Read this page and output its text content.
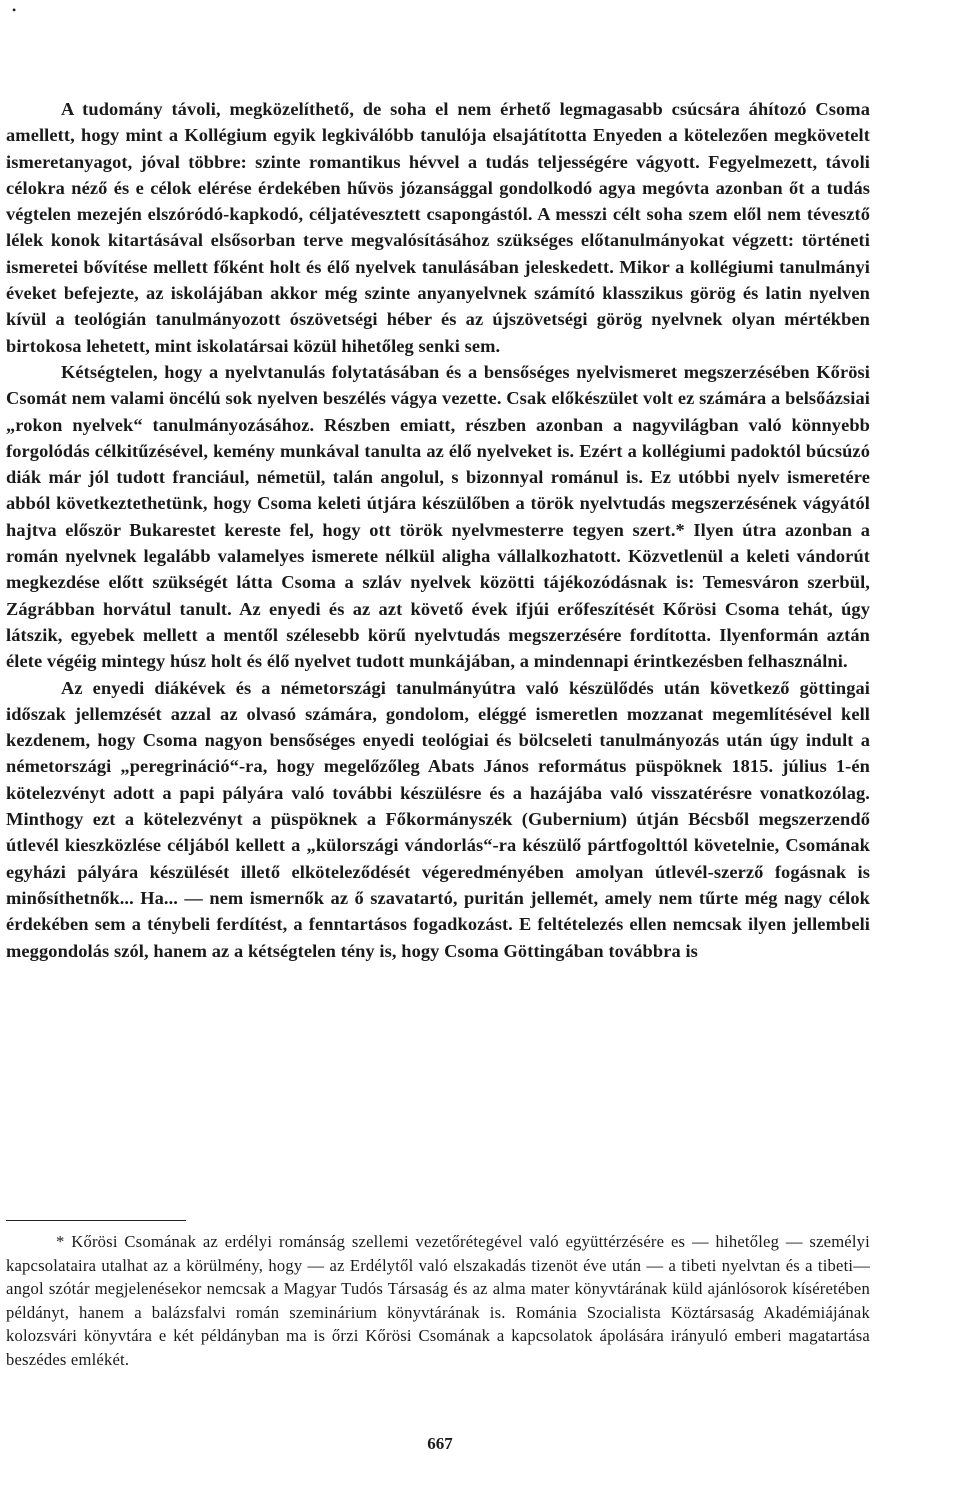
•

A tudomány távoli, megközelíthető, de soha el nem érhető legmagasabb csúcsára áhítozó Csoma amellett, hogy mint a Kollégium egyik legkiválóbb tanulója elsajátította Enyeden a kötelezően megkövetelt ismeretanyagot, jóval többre: szinte romantikus hévvel a tudás teljességére vágyott. Fegyelmezett, távoli célokra néző és e célok elérése érdekében hűvös józansággal gondolkodó agya megóvta azonban őt a tudás végtelen mezején elszóródó-kapkodó, céljatévesztett csapongástól. A messzi célt soha szem elől nem tévesztő lélek konok kitartásával elsősorban terve megvalósításához szükséges előtanulmányokat végzett: történeti ismeretei bővítése mellett főként holt és élő nyelvek tanulásában jeleskedett. Mikor a kollégiumi tanulmányi éveket befejezte, az iskolájában akkor még szinte anyanyelvnek számító klasszikus görög és latin nyelven kívül a teológián tanulmányozott ószövetségi héber és az újszövetségi görög nyelvnek olyan mértékben birtokosa lehetett, mint iskolatársai közül hihetőleg senki sem.

Kétségtelen, hogy a nyelvtanulás folytatásában és a bensőséges nyelvismeret megszerzésében Kőrösi Csomát nem valami öncélú sok nyelven beszélés vágya vezette. Csak előkészület volt ez számára a belsőázsiai „rokon nyelvek“ tanulmányozásához. Részben emiatt, részben azonban a nagyvilágban való könnyebb forgolódás célkitűzésével, kemény munkával tanulta az élő nyelveket is. Ezért a kollégiumi padoktól búcsúzó diák már jól tudott franciául, németül, talán angolul, s bizonnyal románul is. Ez utóbbi nyelv ismeretére abból következtethetünk, hogy Csoma keleti útjára készülőben a török nyelvtudás megszerzésének vágyától hajtva először Bukarestet kereste fel, hogy ott török nyelvmesterre tegyen szert.* Ilyen útra azonban a román nyelvnek legalább valamelyes ismerete nélkül aligha vállalkozhatott. Közvetlenül a keleti vándorút megkezdése előtt szükségét látta Csoma a szláv nyelvek közötti tájékozódásnak is: Temesváron szerbül, Zágrábban horvátul tanult. Az enyedi és az azt követő évek ifjúi erőfeszítését Kőrösi Csoma tehát, úgy látszik, egyebek mellett a mentől szélesebb körű nyelvtudás megszerzésére fordította. Ilyenformán aztán élete végéig mintegy húsz holt és élő nyelvet tudott munkájában, a mindennapi érintkezésben felhasználni.

Az enyedi diákévek és a németországi tanulmányútra való készülődés után következő göttingai időszak jellemzését azzal az olvasó számára, gondolom, eléggé ismeretlen mozzanat megemlítésével kell kezdenem, hogy Csoma nagyon bensőséges enyedi teológiai és bölcseleti tanulmányozás után úgy indult a németországi „peregrináció“-ra, hogy megelőzőleg Abats János református püspöknek 1815. július 1-én kötelezvényt adott a papi pályára való további készülésre és a hazájába való visszatérésre vonatkozólag. Minthogy ezt a kötelezvényt a püspöknek a Főkormányszék (Gubernium) útján Bécsből megszerzendő útlevél kieszközlése céljából kellett a „külországi vándorlás“-ra készülő pártfogolttól követelnie, Csomának egyházi pályára készülését illető elköteleződését végeredményében amolyan útlevél-szerző fogásnak is minősíthetnők... Ha... — nem ismernők az ő szavatartó, puritán jellemét, amely nem tűrte még nagy célok érdekében sem a ténybeli ferdítést, a fenntartásos fogadkozást. E feltételezés ellen nemcsak ilyen jellembeli meggondolás szól, hanem az a kétségtelen tény is, hogy Csoma Göttingában továbbra is

* Kőrösi Csomának az erdélyi románság szellemi vezetőrétegével való együttérzésére es — hihetőleg — személyi kapcsolataira utalhat az a körülmény, hogy — az Erdélytől való elszakadás tizenöt éve után — a tibeti nyelvtan és a tibeti—angol szótár megjelenésekor nemcsak a Magyar Tudós Társaság és az alma mater könyvtárának küld ajánlósorok kíséretében példányt, hanem a balázsfalvi román szeminárium könyvtárának is. Románia Szocialista Köztársaság Akadémiájának kolozsvári könyvtára e két példányban ma is őrzi Kőrösi Csomának a kapcsolatok ápolására irányuló emberi magatartása beszédes emlékét.

667
